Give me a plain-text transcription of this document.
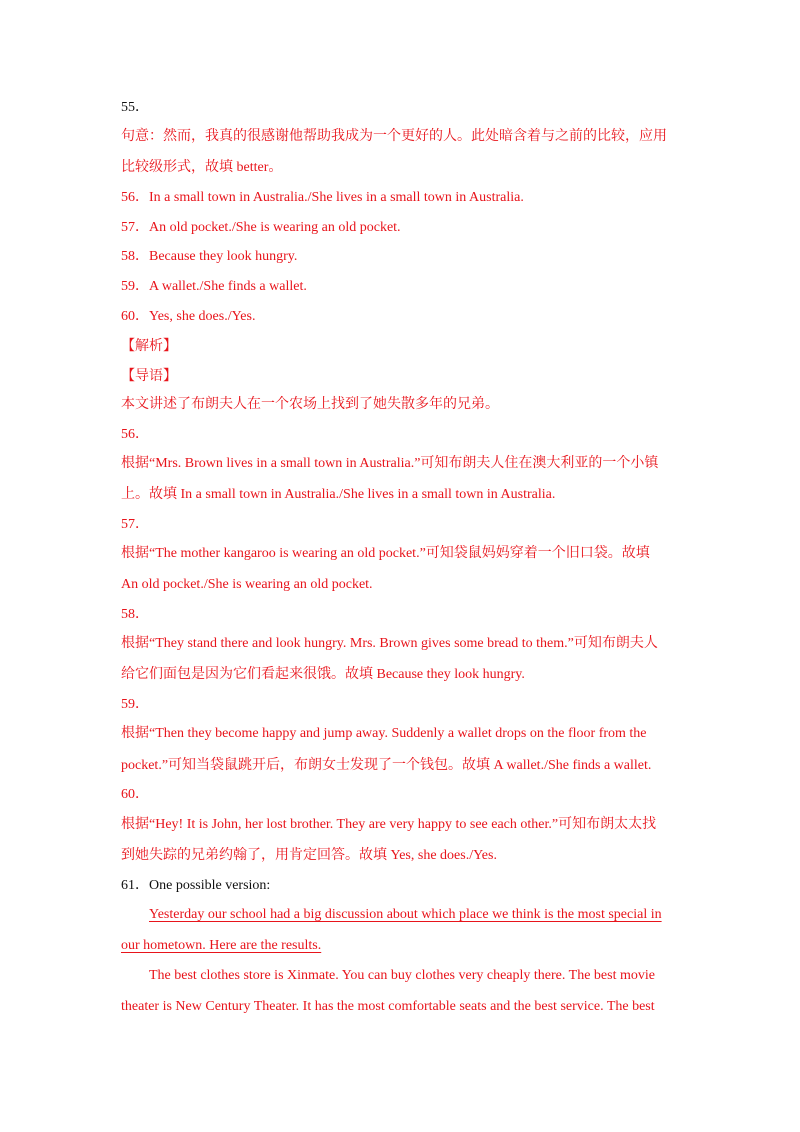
55．
句意：然而，我真的很感谢他帮助我成为一个更好的人。此处暗含着与之前的比较，应用
比较级形式，故填 better。
56．In a small town in Australia./She lives in a small town in Australia.
57．An old pocket./She is wearing an old pocket.
58．Because they look hungry.
59．A wallet./She finds a wallet.
60．Yes, she does./Yes.
【解析】
【导语】
本文讲述了布朗夫人在一个农场上找到了她失散多年的兄弟。
56．
根据“Mrs. Brown lives in a small town in Australia.”可知布朗夫人住在澳大利亚的一个小镇
上。故填 In a small town in Australia./She lives in a small town in Australia.
57．
根据“The mother kangaroo is wearing an old pocket.”可知袋鼠妈妈穿着一个旧口袋。故填
An old pocket./She is wearing an old pocket.
58．
根据“They stand there and look hungry. Mrs. Brown gives some bread to them.”可知布朗夫人
给它们面包是因为它们看起来很饿。故填 Because they look hungry.
59．
根据“Then they become happy and jump away. Suddenly a wallet drops on the floor from the
pocket.”可知当袋鼠跳开后，布朗女士发现了一个钱包。故填 A wallet./She finds a wallet.
60．
根据“Hey! It is John, her lost brother. They are very happy to see each other.”可知布朗太太找
到她失踪的兄弟约翰了，用肯定回答。故填 Yes, she does./Yes.
61．One possible version:
Yesterday our school had a big discussion about which place we think is the most special in
our hometown. Here are the results.
The best clothes store is Xinmate. You can buy clothes very cheaply there. The best movie
theater is New Century Theater. It has the most comfortable seats and the best service. The best
